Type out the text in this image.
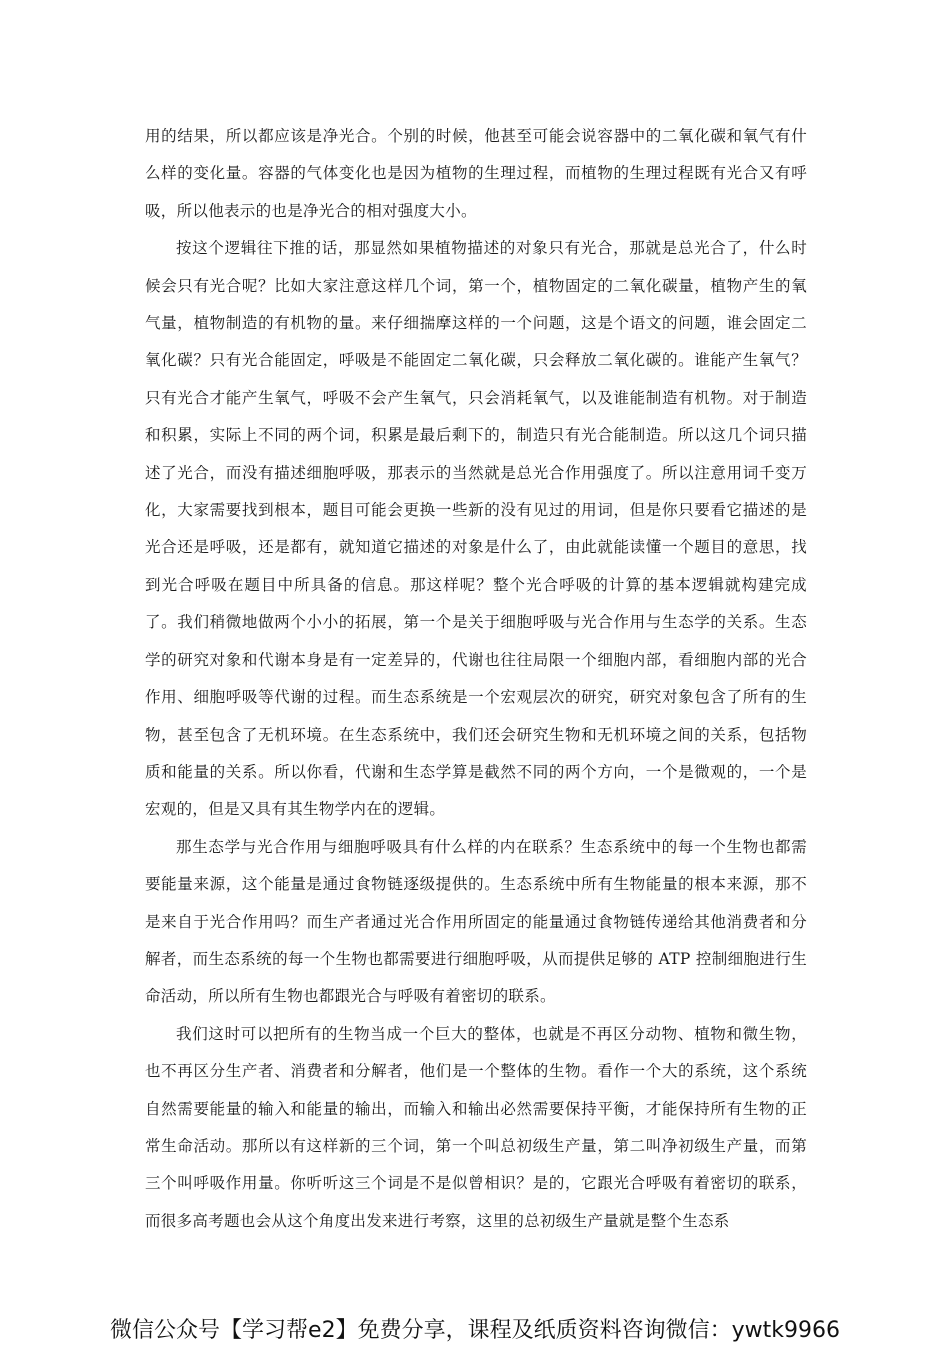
用的结果，所以都应该是净光合。个别的时候，他甚至可能会说容器中的二氧化碳和氧气有什么样的变化量。容器的气体变化也是因为植物的生理过程，而植物的生理过程既有光合又有呼吸，所以他表示的也是净光合的相对强度大小。

按这个逻辑往下推的话，那显然如果植物描述的对象只有光合，那就是总光合了，什么时候会只有光合呢？比如大家注意这样几个词，第一个，植物固定的二氧化碳量，植物产生的氧气量，植物制造的有机物的量。来仔细揣摩这样的一个问题，这是个语文的问题，谁会固定二氧化碳？只有光合能固定，呼吸是不能固定二氧化碳，只会释放二氧化碳的。谁能产生氧气？只有光合才能产生氧气，呼吸不会产生氧气，只会消耗氧气，以及谁能制造有机物。对于制造和积累，实际上不同的两个词，积累是最后剩下的，制造只有光合能制造。所以这几个词只描述了光合，而没有描述细胞呼吸，那表示的当然就是总光合作用强度了。所以注意用词千变万化，大家需要找到根本，题目可能会更换一些新的没有见过的用词，但是你只要看它描述的是光合还是呼吸，还是都有，就知道它描述的对象是什么了，由此就能读懂一个题目的意思，找到光合呼吸在题目中所具备的信息。那这样呢？整个光合呼吸的计算的基本逻辑就构建完成了。我们稍微地做两个小小的拓展，第一个是关于细胞呼吸与光合作用与生态学的关系。生态学的研究对象和代谢本身是有一定差异的，代谢也往往局限一个细胞内部，看细胞内部的光合作用、细胞呼吸等代谢的过程。而生态系统是一个宏观层次的研究，研究对象包含了所有的生物，甚至包含了无机环境。在生态系统中，我们还会研究生物和无机环境之间的关系，包括物质和能量的关系。所以你看，代谢和生态学算是截然不同的两个方向，一个是微观的，一个是宏观的，但是又具有其生物学内在的逻辑。

那生态学与光合作用与细胞呼吸具有什么样的内在联系？生态系统中的每一个生物也都需要能量来源，这个能量是通过食物链逐级提供的。生态系统中所有生物能量的根本来源，那不是来自于光合作用吗？而生产者通过光合作用所固定的能量通过食物链传递给其他消费者和分解者，而生态系统的每一个生物也都需要进行细胞呼吸，从而提供足够的 ATP 控制细胞进行生命活动，所以所有生物也都跟光合与呼吸有着密切的联系。

我们这时可以把所有的生物当成一个巨大的整体，也就是不再区分动物、植物和微生物，也不再区分生产者、消费者和分解者，他们是一个整体的生物。看作一个大的系统，这个系统自然需要能量的输入和能量的输出，而输入和输出必然需要保持平衡，才能保持所有生物的正常生命活动。那所以有这样新的三个词，第一个叫总初级生产量，第二叫净初级生产量，而第三个叫呼吸作用量。你听听这三个词是不是似曾相识？是的，它跟光合呼吸有着密切的联系，而很多高考题也会从这个角度出发来进行考察，这里的总初级生产量就是整个生态系

微信公众号【学习帮e2】免费分享，课程及纸质资料咨询微信：ywtk9966
